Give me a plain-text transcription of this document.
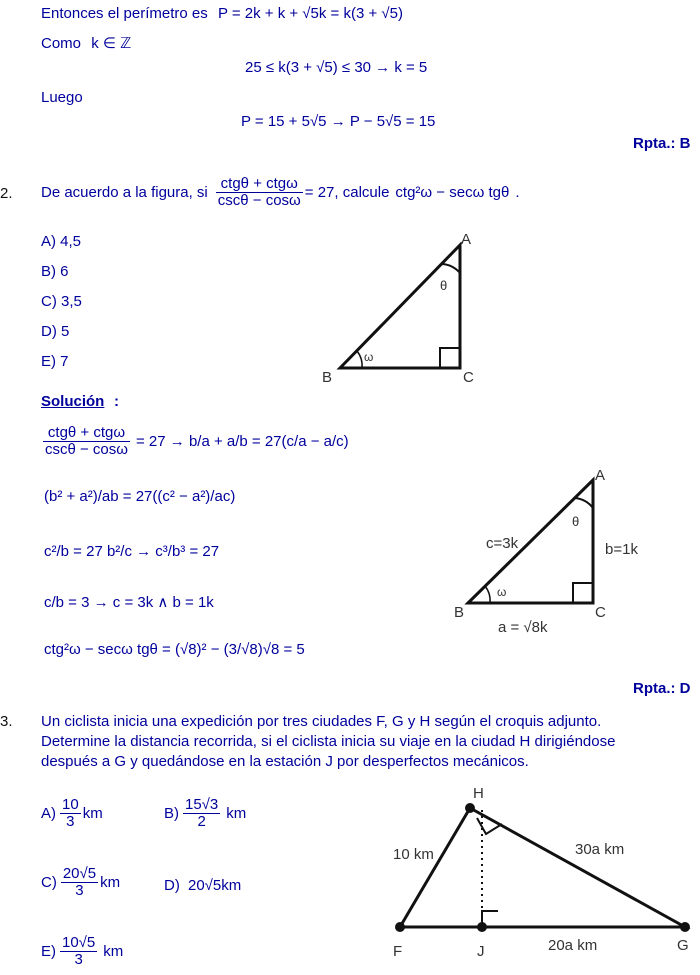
Entonces el perímetro es P = 2k + k + √5k = k(3 + √5)
Como k ∈ ℤ
25 ≤ k(3 + √5) ≤ 30 → k = 5
Luego
P = 15 + 5√5 → P − 5√5 = 15
Rpta.: B
2. De acuerdo a la figura, si $\frac{\text{ctgθ + ctgω}}{\csc\theta - \cos\omega} = 27$ , calcule ctg²ω − secω tgθ .
A) 4,5
B) 6
C) 3,5
D) 5
E) 7
A
B	C
θ
ω
Solución :
$\frac{\text{ctgθ + ctgω}}{\csc\theta - \cos\omega} = 27 \to b/a + a/b = 27(c/a - a/c)$
(b² + a²)/ab = 27((c² − a²)/ac)
c²/b = 27 b²/c → c³/b³ = 27
c/b = 3 → c = 3k ∧ b = 1k
ctg²ω − secω tgθ = (√8)² − (3/√8)√8 = 5
A
B	C
θ
ω
c=3k	b=1k
a = √8k
Rpta.: D
3. Un ciclista inicia una expedición por tres ciudades F, G y H según el croquis adjunto.
Determine la distancia recorrida, si el ciclista inicia su viaje en la ciudad H dirigiéndose
después a G y quedándose en la estación J por desperfectos mecánicos.
$A) \frac{10}{3}$ km	$B) \frac{15√3}{2}$ km
$C) \frac{20√5}{3}$ km	D) 20√5km
$E) \frac{10√5}{3}$ km
H
F	J	G
10 km	30a km
20a km
